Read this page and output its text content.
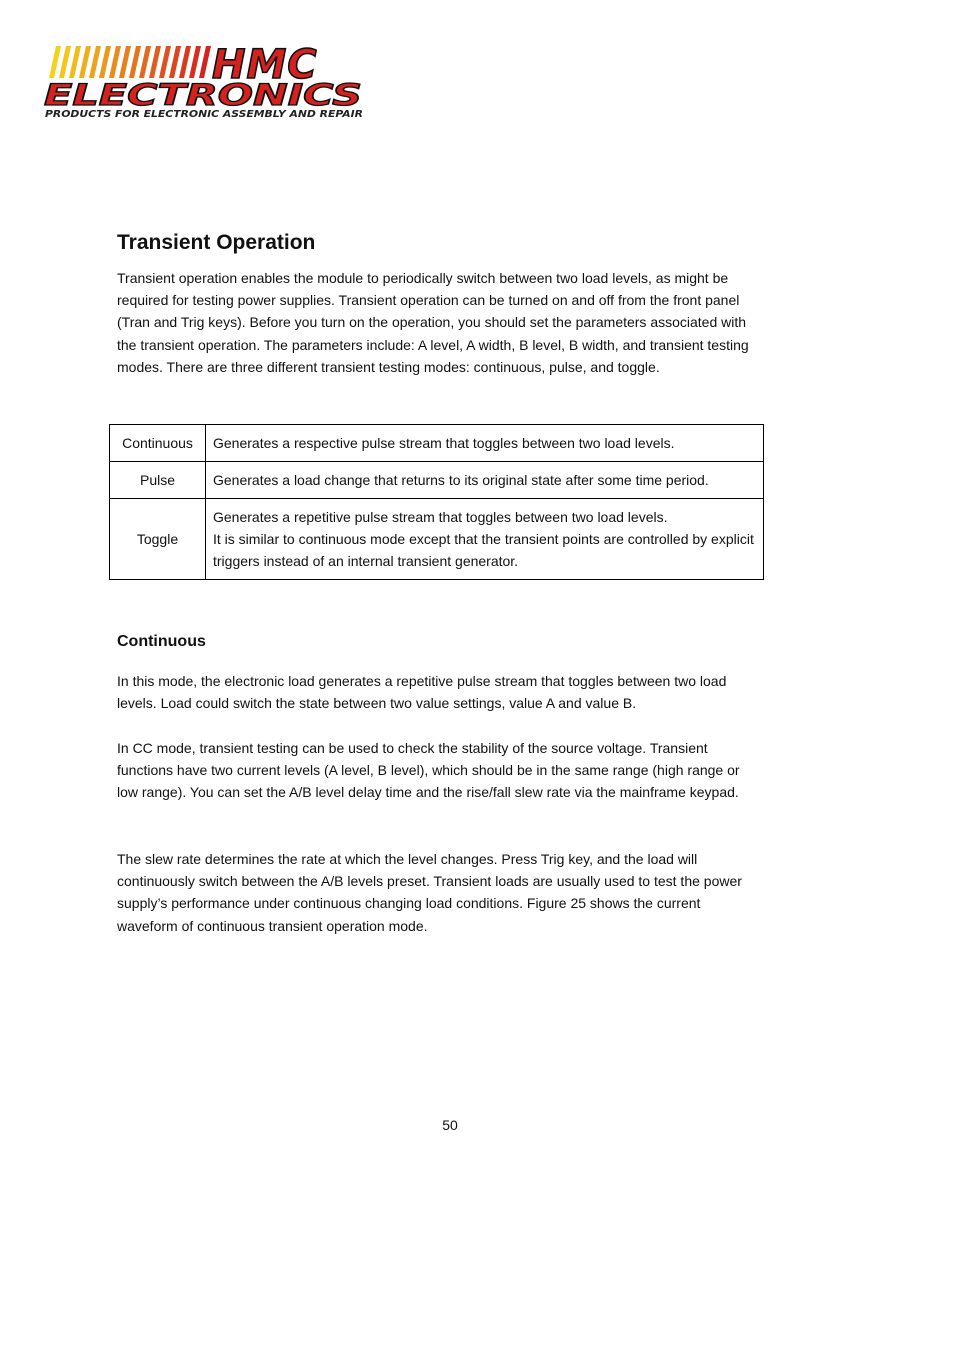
HMC
ELECTRONICS
PRODUCTS FOR ELECTRONIC ASSEMBLY AND REPAIR
Transient Operation

Transient operation enables the module to periodically switch between two load levels, as might be required for testing power supplies. Transient operation can be turned on and off from the front panel (Tran and Trig keys). Before you turn on the operation, you should set the parameters associated with the transient operation. The parameters include: A level, A width, B level, B width, and transient testing modes. There are three different transient testing modes: continuous, pulse, and toggle.

Continuous	Generates a respective pulse stream that toggles between two load levels.
Pulse	Generates a load change that returns to its original state after some time period.
Toggle	Generates a repetitive pulse stream that toggles between two load levels.
It is similar to continuous mode except that the transient points are controlled by explicit triggers instead of an internal transient generator.
Continuous

In this mode, the electronic load generates a repetitive pulse stream that toggles between two load levels. Load could switch the state between two value settings, value A and value B.

In CC mode, transient testing can be used to check the stability of the source voltage. Transient functions have two current levels (A level, B level), which should be in the same range (high range or low range). You can set the A/B level delay time and the rise/fall slew rate via the mainframe keypad.

The slew rate determines the rate at which the level changes. Press Trig key, and the load will continuously switch between the A/B levels preset. Transient loads are usually used to test the power supply’s performance under continuous changing load conditions. Figure 25 shows the current waveform of continuous transient operation mode.

50
